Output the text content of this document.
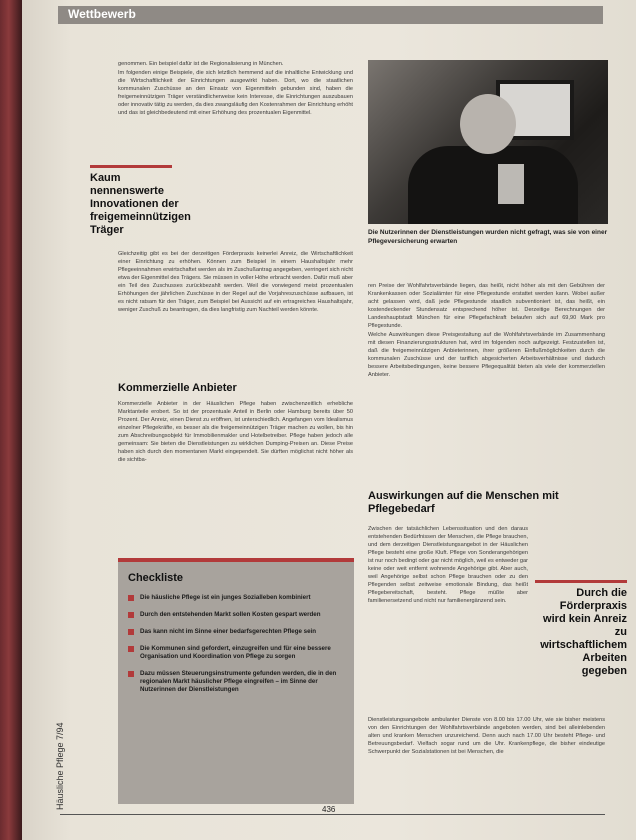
Wettbewerb

genommen. Ein beispiel dafür ist die Regionalisierung in München.

Im folgenden einige Beispiele, die sich letztlich hemmend auf die inhaltliche Entwicklung und die Wirtschaftlichkeit der Einrichtungen ausgewirkt haben. Dort, wo die staatlichen kommunalen Zuschüsse an den Einsatz von Eigenmitteln gebunden sind, haben die freigemeinnützigen Träger verständlicherweise kein Interesse, die Einrichtungen auszubauen oder innovativ tätig zu werden, da dies zwangsläufig den Kostenrahmen der Einrichtung erhöht und das ist gleichbedeutend mit einer Erhöhung des prozentualen Eigenmittel.

Kaum nennenswerte Innovationen der freigemeinnützigen Träger

Gleichzeitig gibt es bei der derzeitigen Förderpraxis keinerlei Anreiz, die Wirtschaftlichkeit einer Einrichtung zu erhöhen. Können zum Beispiel in einem Haushaltsjahr mehr Pflegeeinnahmen erwirtschaftet werden als im Zuschußantrag angegeben, verringert sich nicht etwa der Eigenmittel des Trägers. Sie müssen in voller Höhe erbracht werden. Dafür muß aber ein Teil des Zuschusses zurückbezahlt werden. Weil die vorwiegend meist prozentualen Erhöhungen der jährlichen Zuschüsse in der Regel auf die Vorjahreszuschüsse aufbauen, ist es nicht ratsam für den Träger, zum Beispiel bei Aussicht auf ein ertragreiches Haushaltsjahr, weniger Zuschuß zu beantragen, da dies langfristig zum Nachteil werden könnte.

Kommerzielle Anbieter

Kommerzielle Anbieter in der Häuslichen Pflege haben zwischenzeitlich erhebliche Marktanteile erobert. So ist der prozentuale Anteil in Berlin oder Hamburg bereits über 50 Prozent. Der Anreiz, einen Dienst zu eröffnen, ist unterschiedlich. Angefangen vom Idealismus einzelner Pflegekräfte, es besser als die freigemeinnützigen Träger machen zu wollen, bis hin zum Abschreibungsobjekt für Immobilienmakler und Hotelbetreiber. Pflege haben jedoch alle gemeinsam: Sie bieten die Dienstleistungen zu wirklichen Dumping-Preisen an. Diese Preise haben sich durch den momentanen Markt eingependelt. Sie dürften möglichst nicht höher als die sichtba-

Checkliste
Die häusliche Pflege ist ein junges Sozialleben kombiniert
Durch den entstehenden Markt sollen Kosten gespart werden
Das kann nicht im Sinne einer bedarfsgerechten Pflege sein
Die Kommunen sind gefordert, einzugreifen und für eine bessere Organisation und Koordination von Pflege zu sorgen
Dazu müssen Steuerungsinstrumente gefunden werden, die in den regionalen Markt häuslicher Pflege eingreifen – im Sinne der Nutzerinnen der Dienstleistungen
Die Nutzerinnen der Dienstleistungen wurden nicht gefragt, was sie von einer Pflegeversicherung erwarten

ren Preise der Wohlfahrtsverbände liegen, das heißt, nicht höher als mit den Gebühren der Krankenkassen oder Sozialämter für eine Pflegestunde erstattet werden kann. Wobei außer acht gelassen wird, daß jede Pflegestunde staatlich subventioniert ist, das heißt, ein kostendeckender Stundensatz entsprechend höher ist. Derzeitige Berechnungen der Landeshauptstadt München für eine Pflegefachkraft belaufen sich auf 69,90 Mark pro Pflegestunde.

Welche Auswirkungen diese Preisgestaltung auf die Wohlfahrtsverbände im Zusammenhang mit diesen Finanzierungsstrukturen hat, wird im folgenden noch aufgezeigt. Festzustellen ist, daß die freigemeinnützigen Anbieterinnen, ihrer größeren Einflußmöglichkeiten durch die kommunalen Zuschüsse und der tariflich abgesicherten Arbeitsverhältnisse und dadurch bessere Arbeitsbedingungen, keine bessere Pflegequalität bieten als viele der kommerziellen Anbieter.

Auswirkungen auf die Menschen mit Pflegebedarf

Zwischen der tatsächlichen Lebenssituation und den daraus entstehenden Bedürfnissen der Menschen, die Pflege brauchen, und dem derzeitigen Dienstleistungsangebot in der Häuslichen Pflege besteht eine große Kluft. Pflege von Sonderangehörigen ist nur noch bedingt oder gar nicht möglich, weil es entweder gar keine oder weit entfernt wohnende Angehörige gibt. Aber auch, weil Angehörige selbst schon Pflege brauchen oder zu den Pflegenden selbst zeitweise emotionale Bindung, das heißt Pflegebereitschaft, besteht. Pflege müßte aber familienersetzend und nicht nur familienergänzend sein.

Durch die Förderpraxis wird kein Anreiz zu wirtschaftlichem Arbeiten gegeben

Dienstleistungsangebote ambulanter Dienste von 8.00 bis 17.00 Uhr, wie sie bisher meistens von den Einrichtungen der Wohlfahrtsverbände angeboten werden, sind bei alleinlebenden alten und kranken Menschen unzureichend. Denn auch nach 17.00 Uhr besteht Pflege- und Betreuungsbedarf. Vielfach sogar rund um die Uhr. Krankenpflege, die bisher eindeutige Schwerpunkt der Sozialstationen ist bei Menschen, die

Häusliche Pflege 7/94	436
